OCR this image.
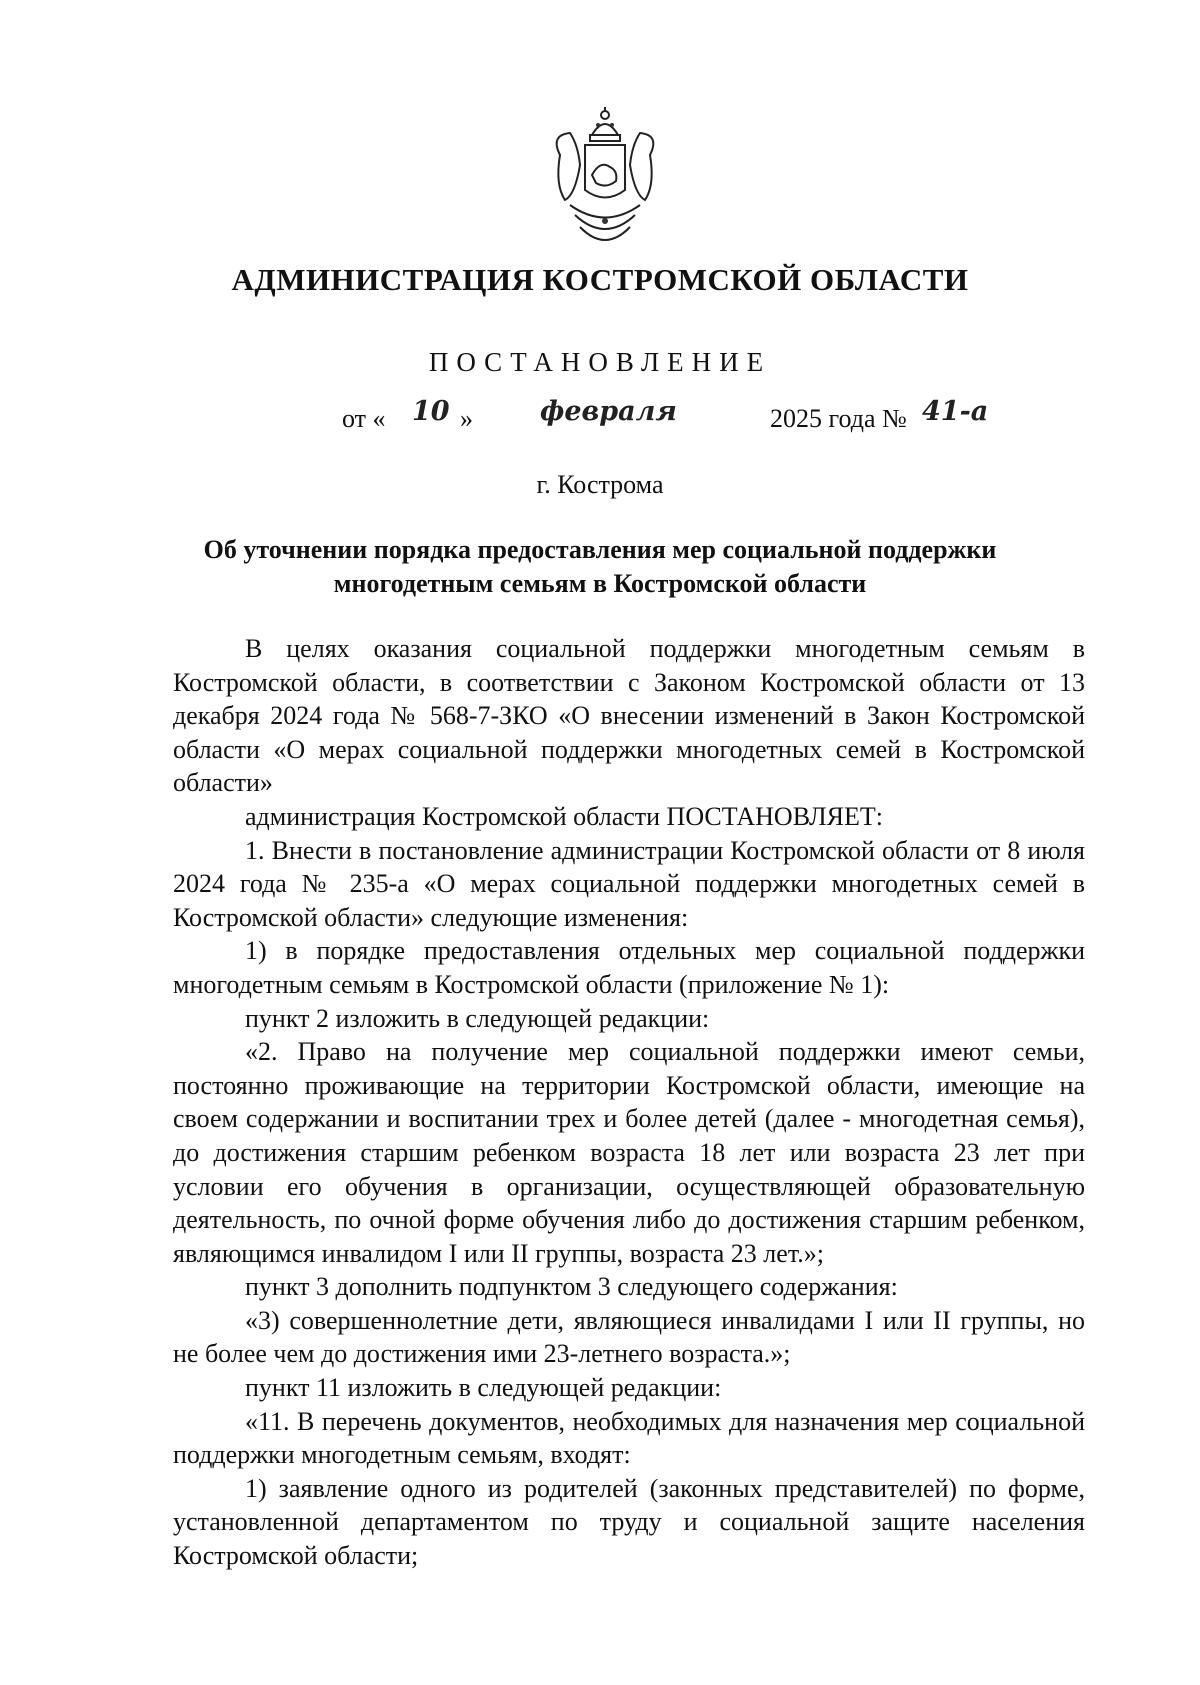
АДМИНИСТРАЦИЯ КОСТРОМСКОЙ ОБЛАСТИ
ПОСТАНОВЛЕНИЕ
от « 10 » февраля	2025 года № 41-а
г. Кострома
Об уточнении порядка предоставления мер социальной поддержки
многодетным семьям в Костромской области

В целях оказания социальной поддержки многодетным семьям в Костромской области, в соответствии с Законом Костромской области от 13 декабря 2024 года № 568-7-ЗКО «О внесении изменений в Закон Костромской области «О мерах социальной поддержки многодетных семей в Костромской области»

администрация Костромской области ПОСТАНОВЛЯЕТ:

1. Внести в постановление администрации Костромской области от 8 июля 2024 года № 235-а «О мерах социальной поддержки многодетных семей в Костромской области» следующие изменения:

1) в порядке предоставления отдельных мер социальной поддержки многодетным семьям в Костромской области (приложение № 1):

пункт 2 изложить в следующей редакции:

«2. Право на получение мер социальной поддержки имеют семьи, постоянно проживающие на территории Костромской области, имеющие на своем содержании и воспитании трех и более детей (далее - многодетная семья), до достижения старшим ребенком возраста 18 лет или возраста 23 лет при условии его обучения в организации, осуществляющей образовательную деятельность, по очной форме обучения либо до достижения старшим ребенком, являющимся инвалидом I или II группы, возраста 23 лет.»;

пункт 3 дополнить подпунктом 3 следующего содержания:

«3) совершеннолетние дети, являющиеся инвалидами I или II группы, но не более чем до достижения ими 23-летнего возраста.»;

пункт 11 изложить в следующей редакции:

«11. В перечень документов, необходимых для назначения мер социальной поддержки многодетным семьям, входят:

1) заявление одного из родителей (законных представителей) по форме, установленной департаментом по труду и социальной защите населения Костромской области;
